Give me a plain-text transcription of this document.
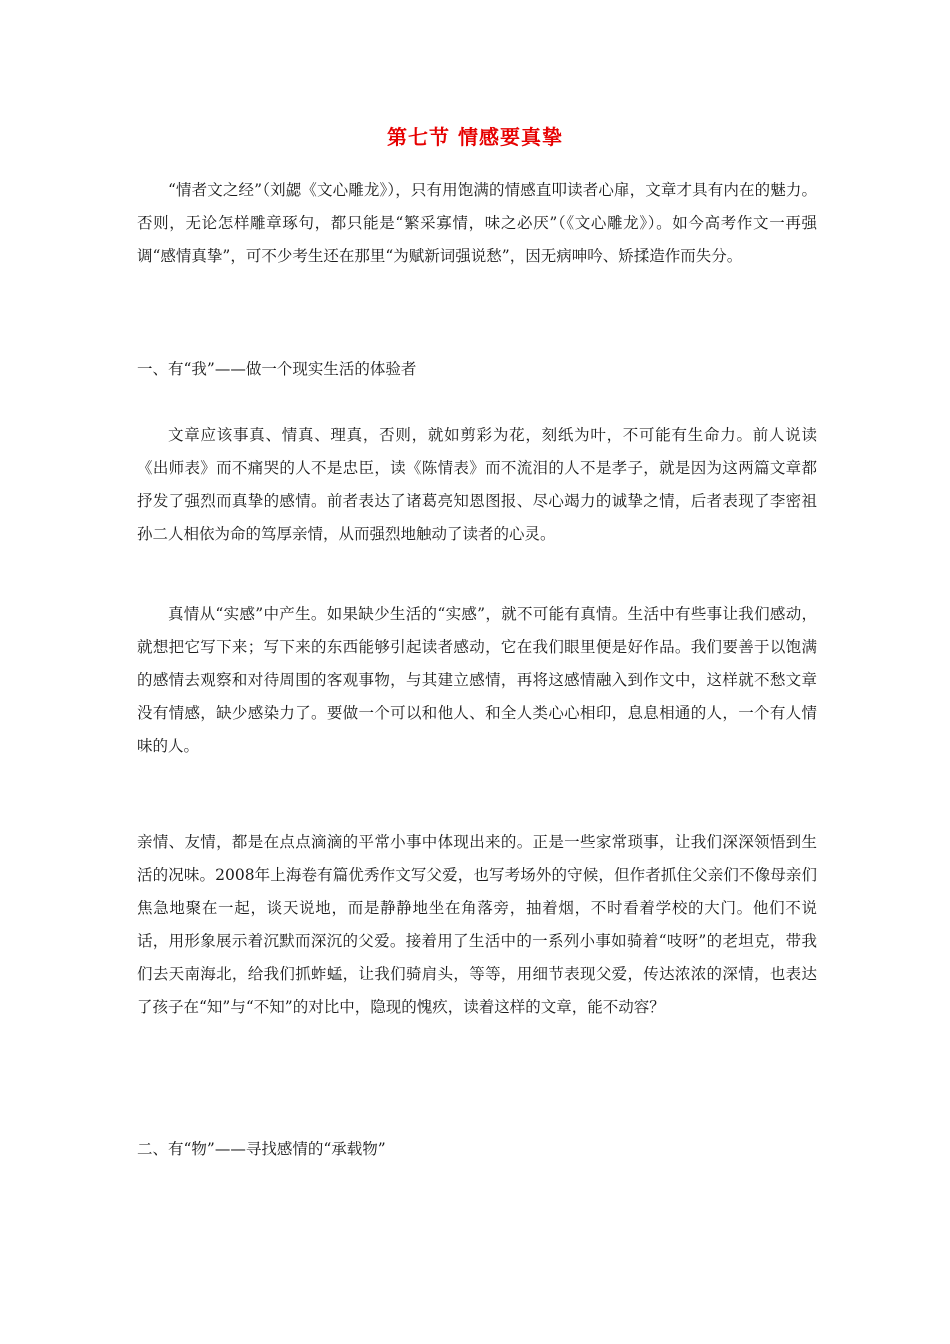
第七节 情感要真挚

“情者文之经”（刘勰《文心雕龙》），只有用饱满的情感直叩读者心扉，文章才具有内在的魅力。否则，无论怎样雕章琢句，都只能是“繁采寡情，味之必厌”（《文心雕龙》）。如今高考作文一再强调“感情真挚”，可不少考生还在那里“为赋新词强说愁”，因无病呻吟、矫揉造作而失分。

一、有“我”——做一个现实生活的体验者

文章应该事真、情真、理真，否则，就如剪彩为花，刻纸为叶，不可能有生命力。前人说读《出师表》而不痛哭的人不是忠臣，读《陈情表》而不流泪的人不是孝子，就是因为这两篇文章都抒发了强烈而真挚的感情。前者表达了诸葛亮知恩图报、尽心竭力的诚挚之情，后者表现了李密祖孙二人相依为命的笃厚亲情，从而强烈地触动了读者的心灵。

真情从“实感”中产生。如果缺少生活的“实感”，就不可能有真情。生活中有些事让我们感动，就想把它写下来；写下来的东西能够引起读者感动，它在我们眼里便是好作品。我们要善于以饱满的感情去观察和对待周围的客观事物，与其建立感情，再将这感情融入到作文中，这样就不愁文章没有情感，缺少感染力了。要做一个可以和他人、和全人类心心相印，息息相通的人，一个有人情味的人。

亲情、友情，都是在点点滴滴的平常小事中体现出来的。正是一些家常琐事，让我们深深领悟到生活的况味。2008年上海卷有篇优秀作文写父爱，也写考场外的守候，但作者抓住父亲们不像母亲们焦急地聚在一起，谈天说地，而是静静地坐在角落旁，抽着烟，不时看着学校的大门。他们不说话，用形象展示着沉默而深沉的父爱。接着用了生活中的一系列小事如骑着“吱呀”的老坦克，带我们去天南海北，给我们抓蚱蜢，让我们骑肩头，等等，用细节表现父爱，传达浓浓的深情，也表达了孩子在“知”与“不知”的对比中，隐现的愧疚，读着这样的文章，能不动容？

二、有“物”——寻找感情的“承载物”
